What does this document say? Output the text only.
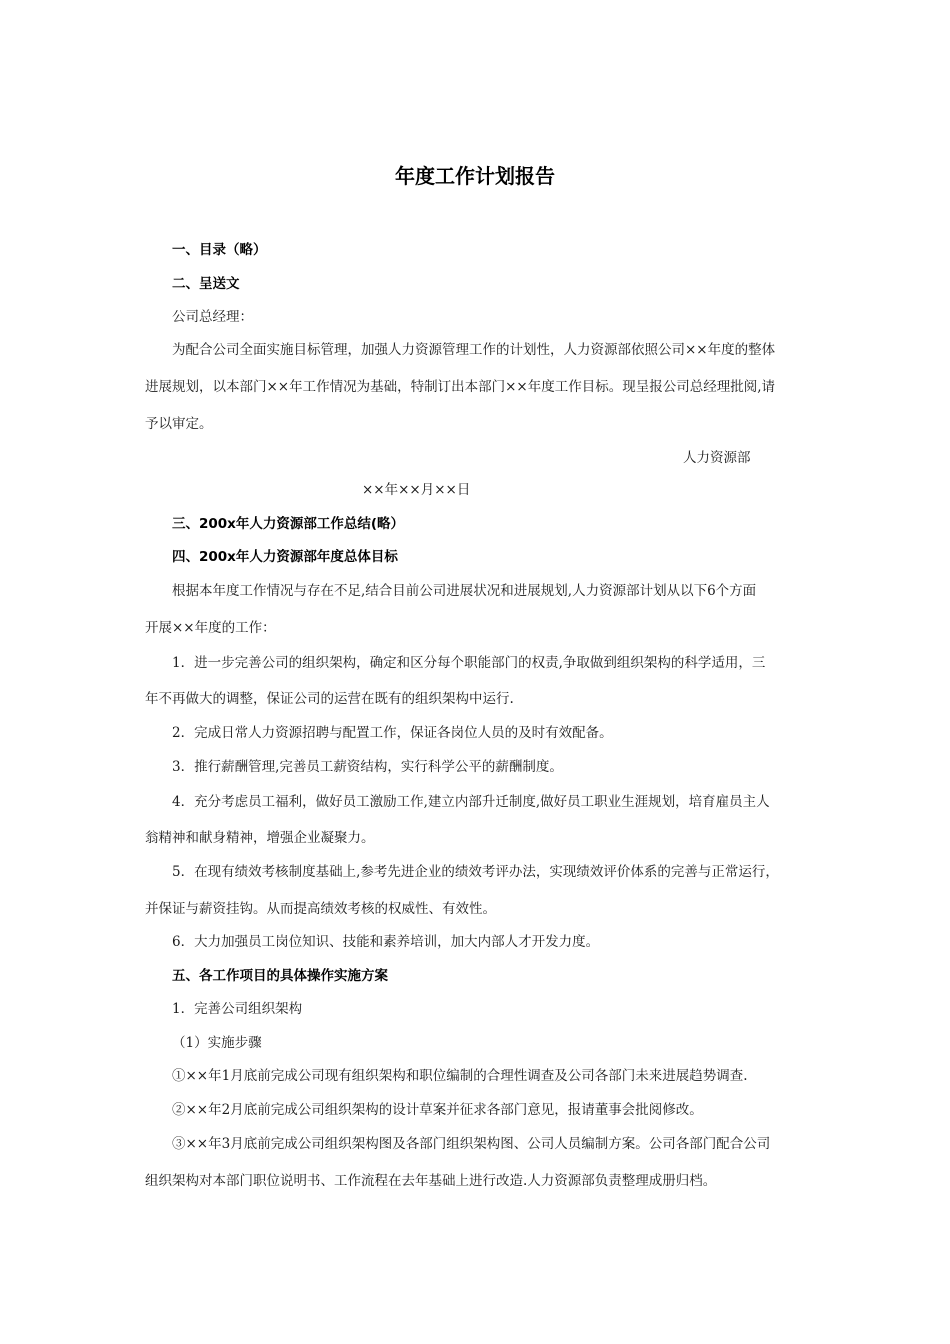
年度工作计划报告
一、目录（略）
二、呈送文
公司总经理：
为配合公司全面实施目标管理，加强人力资源管理工作的计划性，人力资源部依照公司××年度的整体
进展规划，以本部门××年工作情况为基础，特制订出本部门××年度工作目标。现呈报公司总经理批阅,请
予以审定。
人力资源部
××年××月××日
三、200x年人力资源部工作总结(略）
四、200x年人力资源部年度总体目标
根据本年度工作情况与存在不足,结合目前公司进展状况和进展规划,人力资源部计划从以下6个方面
开展××年度的工作：
1．进一步完善公司的组织架构，确定和区分每个职能部门的权责,争取做到组织架构的科学适用，三
年不再做大的调整，保证公司的运营在既有的组织架构中运行.
2．完成日常人力资源招聘与配置工作，保证各岗位人员的及时有效配备。
3．推行薪酬管理,完善员工薪资结构，实行科学公平的薪酬制度。
4．充分考虑员工福利，做好员工激励工作,建立内部升迁制度,做好员工职业生涯规划，培育雇员主人
翁精神和献身精神，增强企业凝聚力。
5．在现有绩效考核制度基础上,参考先进企业的绩效考评办法，实现绩效评价体系的完善与正常运行，
并保证与薪资挂钩。从而提高绩效考核的权威性、有效性。
6．大力加强员工岗位知识、技能和素养培训，加大内部人才开发力度。
五、各工作项目的具体操作实施方案
1．完善公司组织架构
（1）实施步骤
①××年1月底前完成公司现有组织架构和职位编制的合理性调查及公司各部门未来进展趋势调查.
②××年2月底前完成公司组织架构的设计草案并征求各部门意见，报请董事会批阅修改。
③××年3月底前完成公司组织架构图及各部门组织架构图、公司人员编制方案。公司各部门配合公司
组织架构对本部门职位说明书、工作流程在去年基础上进行改造.人力资源部负责整理成册归档。
